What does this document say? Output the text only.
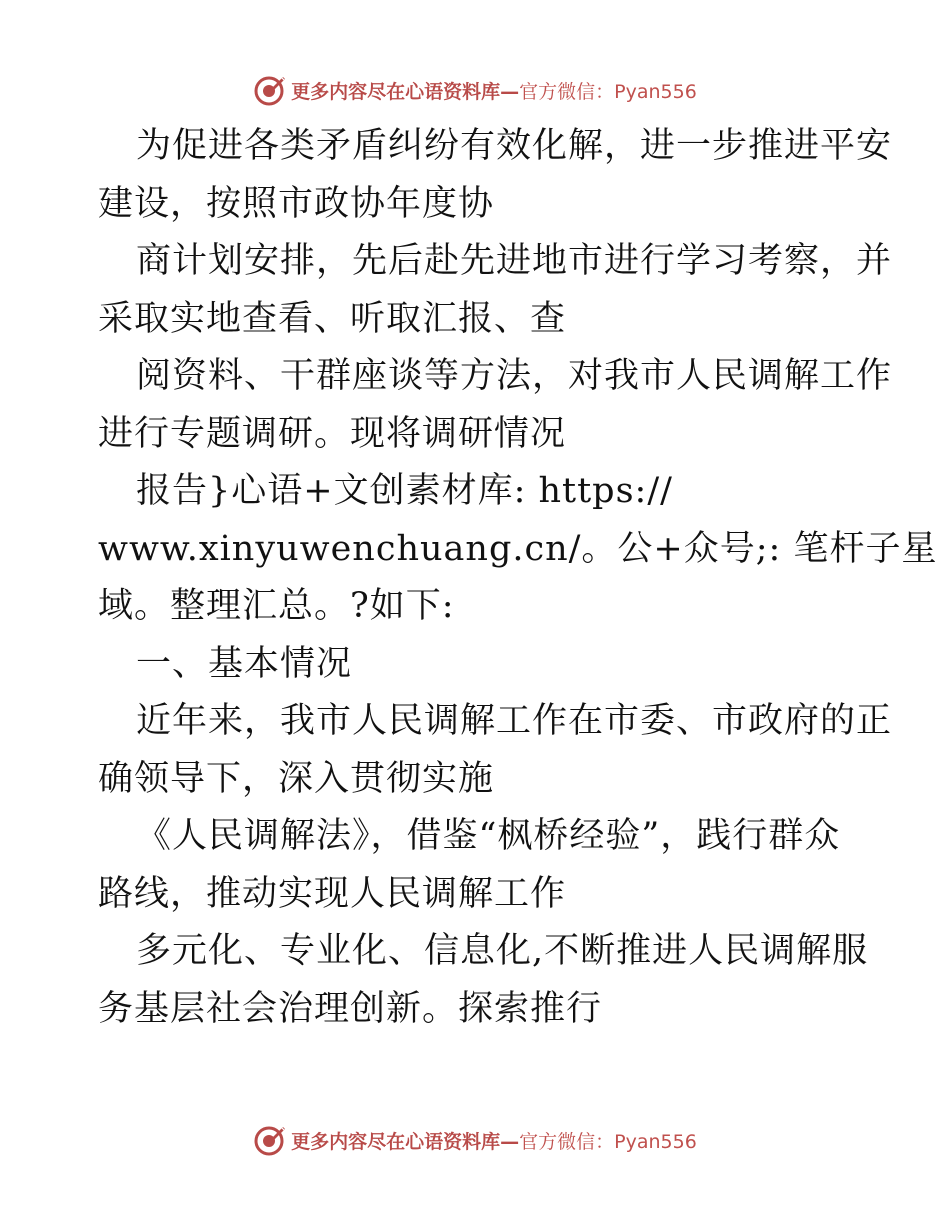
更多内容尽在心语资料库— 官方微信：Pyan556
为促进各类矛盾纠纷有效化解，进一步推进平安
建设，按照市政协年度协
商计划安排，先后赴先进地市进行学习考察，并
采取实地查看、听取汇报、查
阅资料、干群座谈等方法，对我市人民调解工作
进行专题调研。现将调研情况
报告}心语+文创素材库: https://
www.xinyuwenchuang.cn/。公+众号;: 笔杆子星
域。整理汇总。?如下:
一、基本情况
近年来，我市人民调解工作在市委、市政府的正
确领导下，深入贯彻实施
《人民调解法》，借鉴“枫桥经验”，践行群众
路线，推动实现人民调解工作
多元化、专业化、信息化,不断推进人民调解服
务基层社会治理创新。探索推行
更多内容尽在心语资料库— 官方微信：Pyan556
